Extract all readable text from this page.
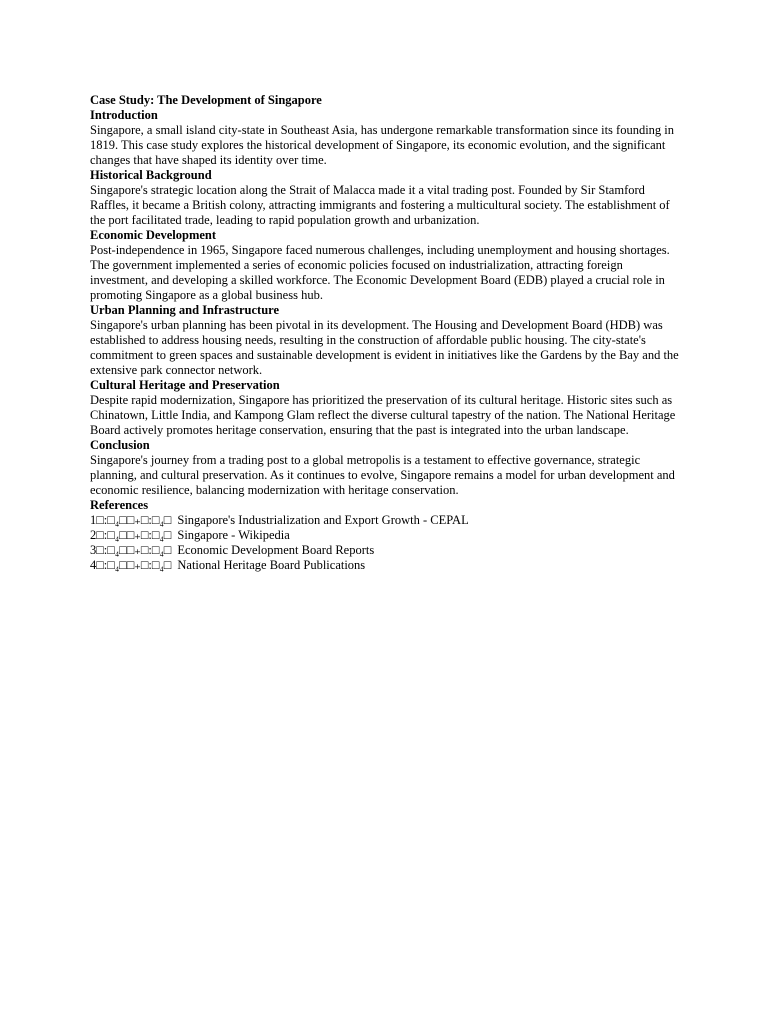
Case Study: The Development of Singapore
Introduction
Singapore, a small island city-state in Southeast Asia, has undergone remarkable transformation since its founding in 1819. This case study explores the historical development of Singapore, its economic evolution, and the significant changes that have shaped its identity over time.
Historical Background
Singapore's strategic location along the Strait of Malacca made it a vital trading post. Founded by Sir Stamford Raffles, it became a British colony, attracting immigrants and fostering a multicultural society. The establishment of the port facilitated trade, leading to rapid population growth and urbanization.
Economic Development
Post-independence in 1965, Singapore faced numerous challenges, including unemployment and housing shortages. The government implemented a series of economic policies focused on industrialization, attracting foreign investment, and developing a skilled workforce. The Economic Development Board (EDB) played a crucial role in promoting Singapore as a global business hub.
Urban Planning and Infrastructure
Singapore's urban planning has been pivotal in its development. The Housing and Development Board (HDB) was established to address housing needs, resulting in the construction of affordable public housing. The city-state's commitment to green spaces and sustainable development is evident in initiatives like the Gardens by the Bay and the extensive park connector network.
Cultural Heritage and Preservation
Despite rapid modernization, Singapore has prioritized the preservation of its cultural heritage. Historic sites such as Chinatown, Little India, and Kampong Glam reflect the diverse cultural tapestry of the nation. The National Heritage Board actively promotes heritage conservation, ensuring that the past is integrated into the urban landscape.
Conclusion
Singapore's journey from a trading post to a global metropolis is a testament to effective governance, strategic planning, and cultural preservation. As it continues to evolve, Singapore remains a model for urban development and economic resilience, balancing modernization with heritage conservation.
References
1□:□₄□□₊□:□₄□ Singapore's Industrialization and Export Growth - CEPAL
2□:□₄□□₊□:□₄□ Singapore - Wikipedia
3□:□₄□□₊□:□₄□ Economic Development Board Reports
4□:□₄□□₊□:□₄□ National Heritage Board Publications
